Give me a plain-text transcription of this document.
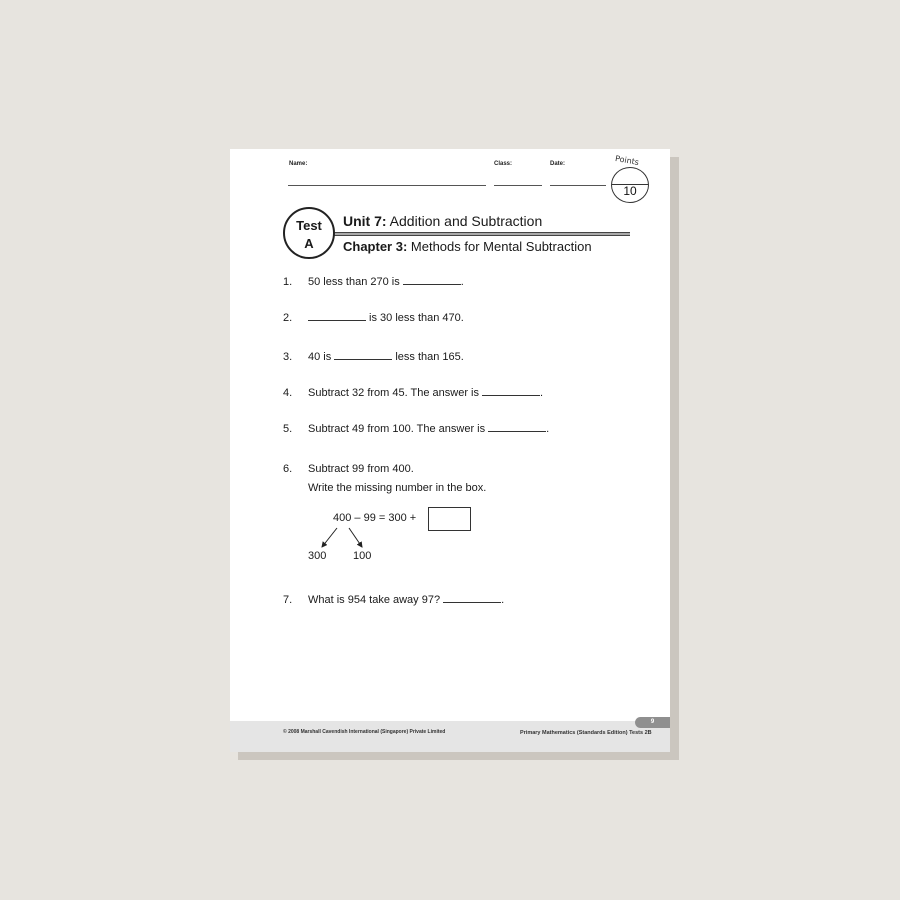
Name:	Class:	Date:	Points
10
Test
A
Unit 7: Addition and Subtraction
Chapter 3: Methods for Mental Subtraction
1. 50 less than 270 is	.
2.	is 30 less than 470.
3. 40 is	less than 165.
4. Subtract 32 from 45. The answer is	.
5. Subtract 49 from 100. The answer is	.
6. Subtract 99 from 400.
Write the missing number in the box.
400 – 99 = 300 +
300 100
7. What is 954 take away 97?	.
© 2008 Marshall Cavendish International (Singapore) Private Limited	Primary Mathematics (Standards Edition) Tests 2B
9
